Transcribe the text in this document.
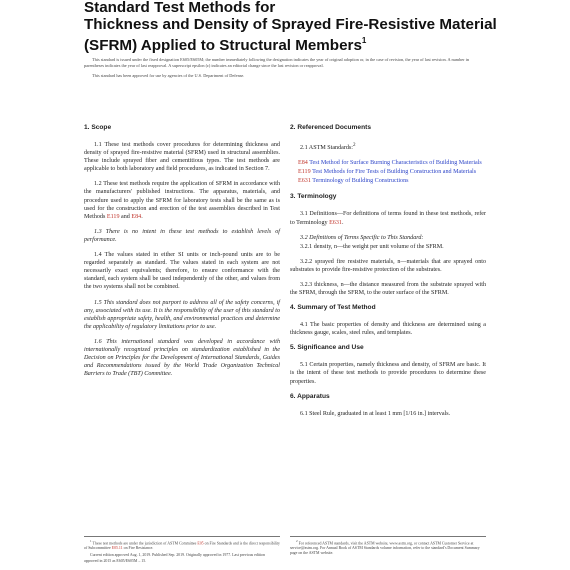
Standard Test Methods for
Thickness and Density of Sprayed Fire-Resistive Material
(SFRM) Applied to Structural Members$^1$

This standard is issued under the fixed designation E605/E605M; the number immediately following the designation indicates the year of original adoption or, in the case of revision, the year of last revision. A number in parentheses indicates the year of last reapproval. A superscript epsilon (ε) indicates an editorial change since the last revision or reapproval.

This standard has been approved for use by agencies of the U.S. Department of Defense.

1. Scope

1.1 These test methods cover procedures for determining thickness and density of sprayed fire-resistive material (SFRM) used in structural assemblies. These include sprayed fiber and cementitious types. The test methods are applicable to both laboratory and field procedures, as indicated in Section 7.

1.2 These test methods require the application of SFRM in accordance with the manufacturers' published instructions. The apparatus, materials, and procedure used to apply the SFRM for laboratory tests shall be the same as is used for the construction and erection of the test assemblies described in Test Methods E119 and E84.

1.3 There is no intent in these test methods to establish levels of performance.

1.4 The values stated in either SI units or inch-pound units are to be regarded separately as standard. The values stated in each system are not necessarily exact equivalents; therefore, to ensure conformance with the standard, each system shall be used independently of the other, and values from the two systems shall not be combined.

1.5 This standard does not purport to address all of the safety concerns, if any, associated with its use. It is the responsibility of the user of this standard to establish appropriate safety, health, and environmental practices and determine the applicability of regulatory limitations prior to use.

1.6 This international standard was developed in accordance with internationally recognized principles on standardization established in the Decision on Principles for the Development of International Standards, Guides and Recommendations issued by the World Trade Organization Technical Barriers to Trade (TBT) Committee.

2. Referenced Documents

2.1 ASTM Standards:$^2$

E84 Test Method for Surface Burning Characteristics of Building Materials
E119 Test Methods for Fire Tests of Building Construction and Materials
E631 Terminology of Building Constructions
3. Terminology

3.1 Definitions—For definitions of terms found in these test methods, refer to Terminology E631.

3.2 Definitions of Terms Specific to This Standard:

3.2.1 density, n—the weight per unit volume of the SFRM.

3.2.2 sprayed fire resistive materials, n—materials that are sprayed onto substrates to provide fire-resistive protection of the substrates.

3.2.3 thickness, n—the distance measured from the substrate sprayed with the SFRM, through the SFRM, to the outer surface of the SFRM.

4. Summary of Test Method

4.1 The basic properties of density and thickness are determined using a thickness gauge, scales, steel rules, and templates.

5. Significance and Use

5.1 Certain properties, namely thickness and density, of SFRM are basic. It is the intent of these test methods to provide procedures to determine these properties.

6. Apparatus

6.1 Steel Rule, graduated in at least 1 mm [1/16 in.] intervals.

$^1$ These test methods are under the jurisdiction of ASTM Committee E05 on Fire Standards and is the direct responsibility of Subcommittee E05.11 on Fire Resistance.

Current edition approved Aug. 1, 2019. Published Sep. 2019. Originally approved in 1977. Last previous edition approved in 2015 as E605/E605M – 15.

$^2$ For referenced ASTM standards, visit the ASTM website, www.astm.org, or contact ASTM Customer Service at service@astm.org. For Annual Book of ASTM Standards volume information, refer to the standard's Document Summary page on the ASTM website.
